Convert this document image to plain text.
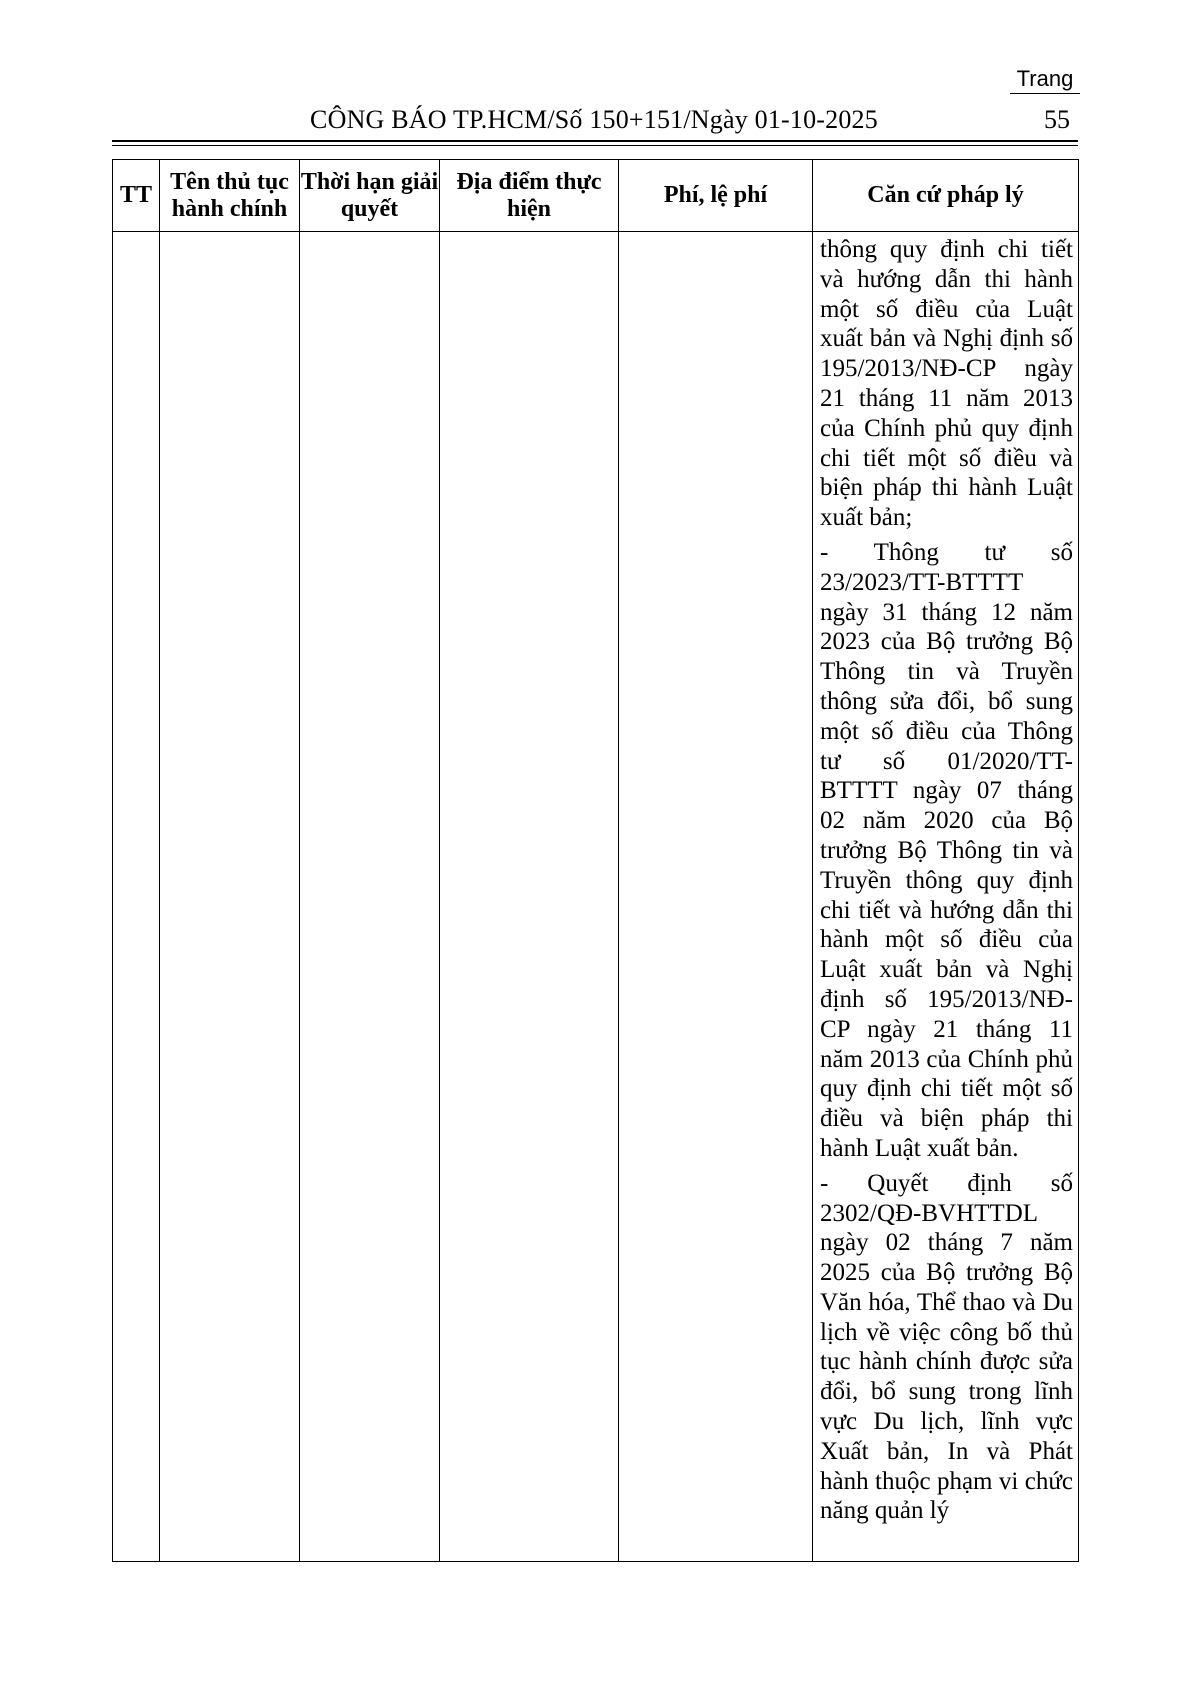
Trang
CÔNG BÁO TP.HCM/Số 150+151/Ngày 01-10-2025	55
TT	Tên thủ tục hành chính	Thời hạn giải quyết	Địa điểm thực hiện	Phí, lệ phí	Căn cứ pháp lý

					thông quy định chi tiết và hướng dẫn thi hành một số điều của Luật xuất bản và Nghị định số 195/2013/NĐ-CP ngày 21 tháng 11 năm 2013 của Chính phủ quy định chi tiết một số điều và biện pháp thi hành Luật xuất bản;

- Thông tư số 23/2023/TT-BTTTT ngày 31 tháng 12 năm 2023 của Bộ trưởng Bộ Thông tin và Truyền thông sửa đổi, bổ sung một số điều của Thông tư số 01/2020/TT-BTTTT ngày 07 tháng 02 năm 2020 của Bộ trưởng Bộ Thông tin và Truyền thông quy định chi tiết và hướng dẫn thi hành một số điều của Luật xuất bản và Nghị định số 195/2013/NĐ-CP ngày 21 tháng 11 năm 2013 của Chính phủ quy định chi tiết một số điều và biện pháp thi hành Luật xuất bản.

- Quyết định số 2302/QĐ-BVHTTDL ngày 02 tháng 7 năm 2025 của Bộ trưởng Bộ Văn hóa, Thể thao và Du lịch về việc công bố thủ tục hành chính được sửa đổi, bổ sung trong lĩnh vực Du lịch, lĩnh vực Xuất bản, In và Phát hành thuộc phạm vi chức năng quản lý
